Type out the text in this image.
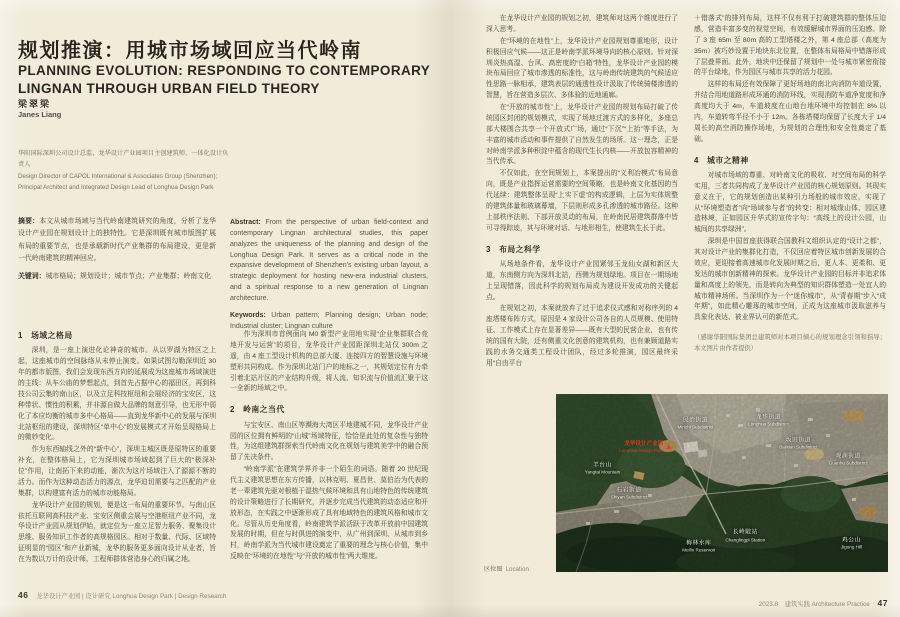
规划推演：用城市场域回应当代岭南
PLANNING EVOLUTION: RESPONDING TO CONTEMPORARY
LINGNAN THROUGH URBAN FIELD THEORY
梁翠梁
Janes Liang
华阳国际深圳公司设计总监，龙华设计产业园项目主创建筑师、一体化设计负责人
Design Director of CAPOL International & Associates Group (Shenzhen); Principal Architect and Integrated Design Lead of Longhua Design Park
摘要：本文从城市场域与当代岭南建筑研究的角度，分析了龙华设计产业园在规划设计上的独特性。它是深圳既有城市版图扩展布局的重要节点，也是承载新时代产业集群的布局建设，更是新一代岭南建筑的精神回应。
关键词：城市格局；规划设计；城市节点；产业集群；岭南文化
Abstract: From the perspective of urban field-context and contemporary Lingnan architectural studies, this paper analyzes the uniqueness of the planning and design of the Longhua Design Park. It serves as a critical node in the expansive development of Shenzhen's existing urban layout, a strategic deployment for hosting new-era industrial clusters, and a spiritual response to a new generation of Lingnan architecture.
Keywords: Urban pattern; Planning design; Urban node; Industrial cluster; Lingnan culture
1　场域之格局
深圳，是一座上演进化论神奇的城市。从以罗湖为特区之上起，这座城市的空间脉络从未停止演变。如果试图勾勒深圳近 30 年的都市版图，我们会发现东西方向的延展成为这座城市场域演进的主线：从车公庙的梦想起点，到首先占据中心的福田区，再到科技公司云集的南山区，以及立足科技枢纽和会展经济的宝安区，这种带状、惯性的积累，并非源自做大品牌的刻意引导，也无形中弱化了本应均衡的城市多中心格局——直到龙华新中心的发展与深圳北站枢纽的建设，深圳特区“单中心”的发展模式才开始呈现格局上的微妙变化。
作为东西轴线之外的“新中心”，深圳主城区既是原特区的重要补充，在整体格局上，它为深圳城市场域起到了巨大的“极深补位”作用，让南拓下来的动能，渐次为这片场域注入了源源不断的活力。而作为这种动态活力的源点，龙华迫切需要与之匹配的产业集群，以构建富有活力的城市功能格局。
龙华设计产业园的规划，便是这一布局的重要环节。与南山区依托互联网高科技产业、宝安区侧重会展与空港枢纽产业不同，龙华设计产业园从规划伊始，就定位为一座立足智力服务、聚集设计思维、服务知识工作者的高规格园区。相对于数量、代际、区域特征明显的“园区”和产业新城，龙华的服务更多面向设计从业者，旨在为数以万计的设计师、工程师群体营造身心的归属之地。
作为深圳市首例面向 M0 新型产业用地实现“企业集群联合竞地开发与运营”的项目，龙华设计产业园距深圳北站仅 300m 之遥，由 4 座工型设计机构的总部大厦、连接四方的智慧设施与环境塑形共同构成。作为深圳北站门户的地标之一，其规划定位有力牵引着北站片区的产业结构升级，将人流、知识流与价值流汇聚于这一全新的场域之中。
2　岭南之当代
与宝安区、南山区等濒海大湾区平地建城不同，龙华设计产业园的区位拥有鲜明的“山城”场域特征，恰恰是此处的复杂性与独特性，为这组建筑群探索当代岭南文化在规划与建筑美学中的融合预留了先决条件。
“岭南学派”在建筑学界并非一个陌生的词语。随着 20 世纪现代主义建筑思想在东方传播，以林克明、夏昌世、莫伯治为代表的老一辈建筑先驱对根植于湿热气候环境和具有山地特色的传统建筑的设计策略进行了长期研究，并逐步完成当代建筑的动态适应和开放形态，在实践之中逐渐形成了具有地域特色的建筑风格和城市文化。尽管从历史角度看，岭南建筑学派活跃于改革开放前中国建筑发展的时期，但在与时俱进的演变中，从广州到深圳、从城市到乡村，岭南学派为当代城市建设奠定了重要的理念与核心价值，集中反映在“环境的在地性”与“开放的城市性”两大维度。
46 龙华设计产业园 | 设计研究 Longhua Design Park | Design Research
在龙华设计产业园的规划之初，建筑师对这两个维度进行了深入思考。
在“环境的在地性”上，龙华设计产业园规划尊重地形，设计积极回应气候——这正是岭南学派环境导向的核心原则。针对深圳炎热高湿、台风、高密度的“白箱”特性，龙华设计产业园的模块布局回应了城市渗透的标准性，这与岭南传统建筑的气候适应性思路一脉相承，建筑表层的通透性设计汲取了传统骑楼渗透的智慧，旨在营造多层次、多体验的近地通廊。
在“开放的城市性”上，龙华设计产业园的规划布局打破了传统园区封闭的规划模式，实现了场地过渡方式的多样化，多座总部大楼围合共享一个开放式广场，通过“下沉”“上抬”等手法，为丰富的城市活动和事件提供了自然发生的场所。这一理念，正是对岭南学派多种积淀中蕴含的现代生长内核——开放包容精神的当代传承。
不仅如此，在空间规划上，本案提出的“义利冶模式”布局意向，既是产业指挥运营需要的空间策略，也是岭南文化基因的当代延续：建筑整体呈现“上实下虚”的构成逻辑，上层为实体规整的建筑体量和玻璃幕墙，下层则形成多孔渗透的城市路径。这种上部秩序法则、下部开放灵动的布局，在岭南民居建筑群落中皆可寻得踪迹，其与环境对话、与地形相生，使建筑生长于此。
3　布局之科学
从场地条件看，龙华设计产业园紧邻玉龙仙女湖和新区大道，东南侧方向为深圳北站，西侧为规划绿地。项目在一期场地上呈现错落，因此科学的规划布局成为建设开发成功的关键起点。
在规划之初，本案就放弃了过于追求仪式感和对称序列的 4 座塔楼布阵方式，原因是 4 家设计公司各自的人员规模、使用特征、工作模式上存在显著差异——既有大型的民营企业，也有传统的国有大院，还有侧重文化创意的建筑机构，也有兼顾道路实践的水务交通类工程设计团队，经过多轮推演，园区最终采用“自由平台
＋错落式”的排列布局，这样不仅有利于打破建筑群的整体压迫感，营造丰富多变的视觉空间，有效缓解城市界面的压迫感。除了 3 座 65m 至 80m 高的工型塔楼之外，第 4 座总部（高度为 35m）被巧妙设置于地块东北位置，在整体布局格局中错落形成了层叠界面。此外，地块中还保留了规划中一处与城市紧密衔接的平台绿地，作为园区与城市共享的活力花园。
这样的布局还有效保障了更好场地的南北向消防车道设置，并结合用地道路形成环通的消防环线，实现消防车道净宽度和净高度均大于 4m，车道坡度在山地台地环境中均控制在 8% 以内，车道转弯半径不小于 12m。各栋塔楼均保留了长度大于 1/4 周长的高空消防操作场地，为规划的合理性和安全性奠定了基础。
4　城市之精神
对城市场域的尊重、对岭南文化的吸收、对空间布局的科学实用，三者共同构成了龙华设计产业园的核心规划原则。其现实意义在于，它的规划创造出某种引力场般的城市效应，实现了从“环境塑造者”向“场域参与者”的转变：相对城缘山体，园区建造林境，正如园区升华式的宣传字句：“高线上的设计公园，山城间的共享绿洲”。
深圳是中国首座获得联合国教科文组织认定的“设计之都”，其对设计产业的集群化打造，不仅回应着特区城市创新发展的合效应，更迎接着高速城市化发展时期之后，更人本、更柔和、更发达的城市创新精神的探索。龙华设计产业园的目标并非追求体量和高度上的领先，而是转向为典型的知识群体塑造一处宜人的城市精神场所。当深圳作为一个“迷你城市”，从“青春期”步入“成年期”，如此精心雕琢的城市空间，正成为这座城市汲取滋养与具象化表达、被业界认可的新范式。
（感谢华阳国际集团总建筑师对本项目倾心的规划理念引领和指导；本文图片由作者提供）
民治街道
Minzhi Subdistrict
龙华街道
Longhua Subdistrict
坂田街道
Bantian Subdistrict
观湖街道
Guanhu Subdistrict
羊台山
Yangtai Mountain
石岩街道
Shiyan Subdistrict
梅林水库
Meilin Reservoir
长岭陂站
Changlingpi Station	鸡公山
Jigong Hill
龙华设计产业园
Longhua Design Park ➤
区位图 Location
2023.8 建筑实践 Architecture Practice 47
